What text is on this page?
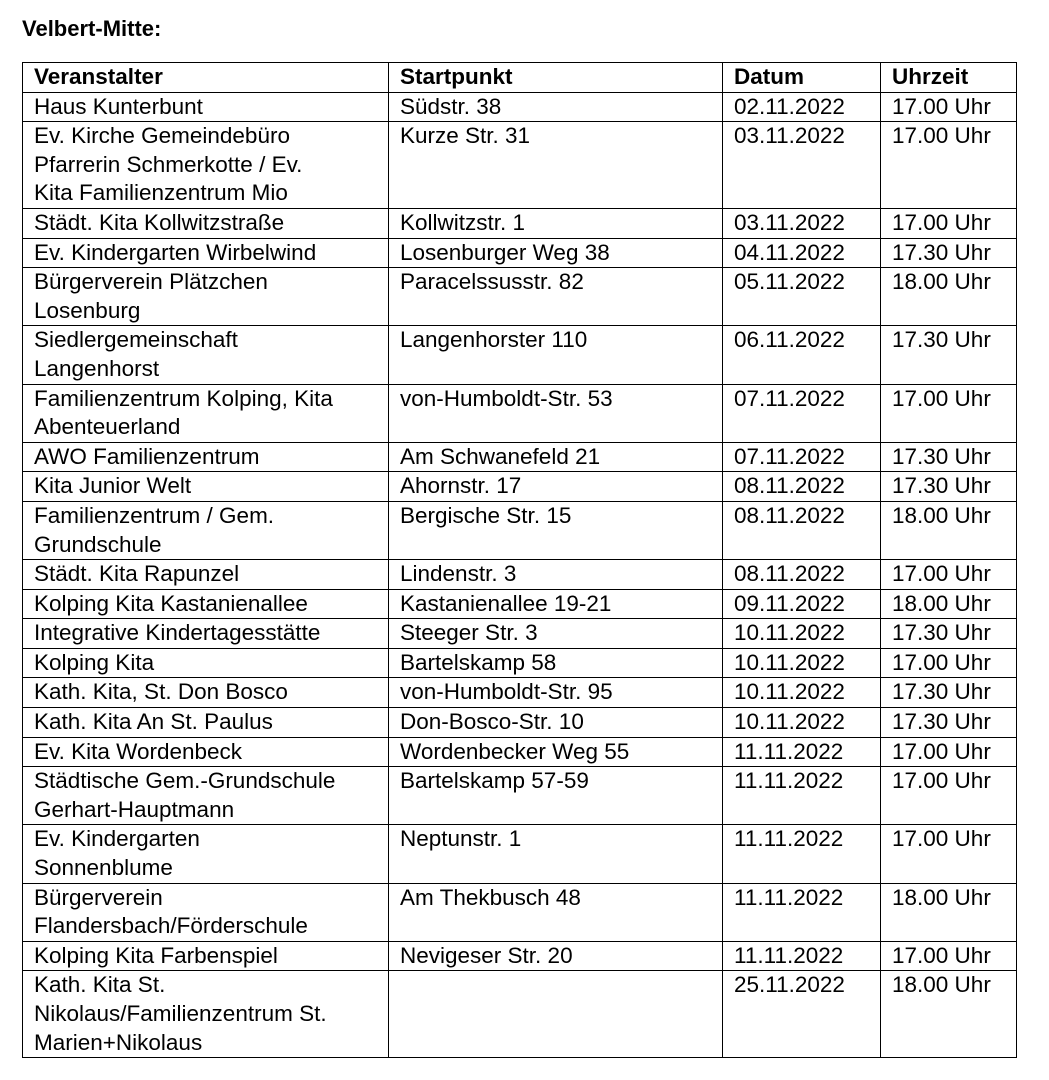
Velbert-Mitte:
Veranstalter	Startpunkt	Datum	Uhrzeit
Haus Kunterbunt	Südstr. 38	02.11.2022	17.00 Uhr
Ev. Kirche Gemeindebüro
Pfarrerin Schmerkotte / Ev.
Kita Familienzentrum Mio	Kurze Str. 31	03.11.2022	17.00 Uhr
Städt. Kita Kollwitzstraße	Kollwitzstr. 1	03.11.2022	17.00 Uhr
Ev. Kindergarten Wirbelwind	Losenburger Weg 38	04.11.2022	17.30 Uhr
Bürgerverein Plätzchen
Losenburg	Paracelssusstr. 82	05.11.2022	18.00 Uhr
Siedlergemeinschaft
Langenhorst	Langenhorster 110	06.11.2022	17.30 Uhr
Familienzentrum Kolping, Kita
Abenteuerland	von-Humboldt-Str. 53	07.11.2022	17.00 Uhr
AWO Familienzentrum	Am Schwanefeld 21	07.11.2022	17.30 Uhr
Kita Junior Welt	Ahornstr. 17	08.11.2022	17.30 Uhr
Familienzentrum / Gem.
Grundschule	Bergische Str. 15	08.11.2022	18.00 Uhr
Städt. Kita Rapunzel	Lindenstr. 3	08.11.2022	17.00 Uhr
Kolping Kita Kastanienallee	Kastanienallee 19-21	09.11.2022	18.00 Uhr
Integrative Kindertagesstätte	Steeger Str. 3	10.11.2022	17.30 Uhr
Kolping Kita	Bartelskamp 58	10.11.2022	17.00 Uhr
Kath. Kita, St. Don Bosco	von-Humboldt-Str. 95	10.11.2022	17.30 Uhr
Kath. Kita An St. Paulus	Don-Bosco-Str. 10	10.11.2022	17.30 Uhr
Ev. Kita Wordenbeck	Wordenbecker Weg 55	11.11.2022	17.00 Uhr
Städtische Gem.-Grundschule
Gerhart-Hauptmann	Bartelskamp 57-59	11.11.2022	17.00 Uhr
Ev. Kindergarten
Sonnenblume	Neptunstr. 1	11.11.2022	17.00 Uhr
Bürgerverein
Flandersbach/Förderschule	Am Thekbusch 48	11.11.2022	18.00 Uhr
Kolping Kita Farbenspiel	Nevigeser Str. 20	11.11.2022	17.00 Uhr
Kath. Kita St.
Nikolaus/Familienzentrum St.
Marien+Nikolaus		25.11.2022	18.00 Uhr
